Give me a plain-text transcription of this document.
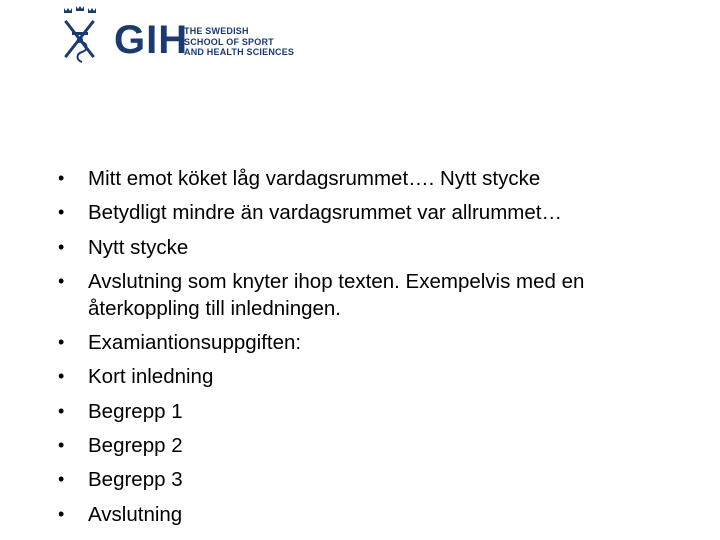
GIH
THE SWEDISH
SCHOOL OF SPORT
AND HEALTH SCIENCES
• Mitt emot köket låg vardagsrummet…. Nytt stycke
• Betydligt mindre än vardagsrummet var allrummet…
• Nytt stycke
• Avslutning som knyter ihop texten. Exempelvis med en återkoppling till inledningen.
• Examiantionsuppgiften:
• Kort inledning
• Begrepp 1
• Begrepp 2
• Begrepp 3
• Avslutning
